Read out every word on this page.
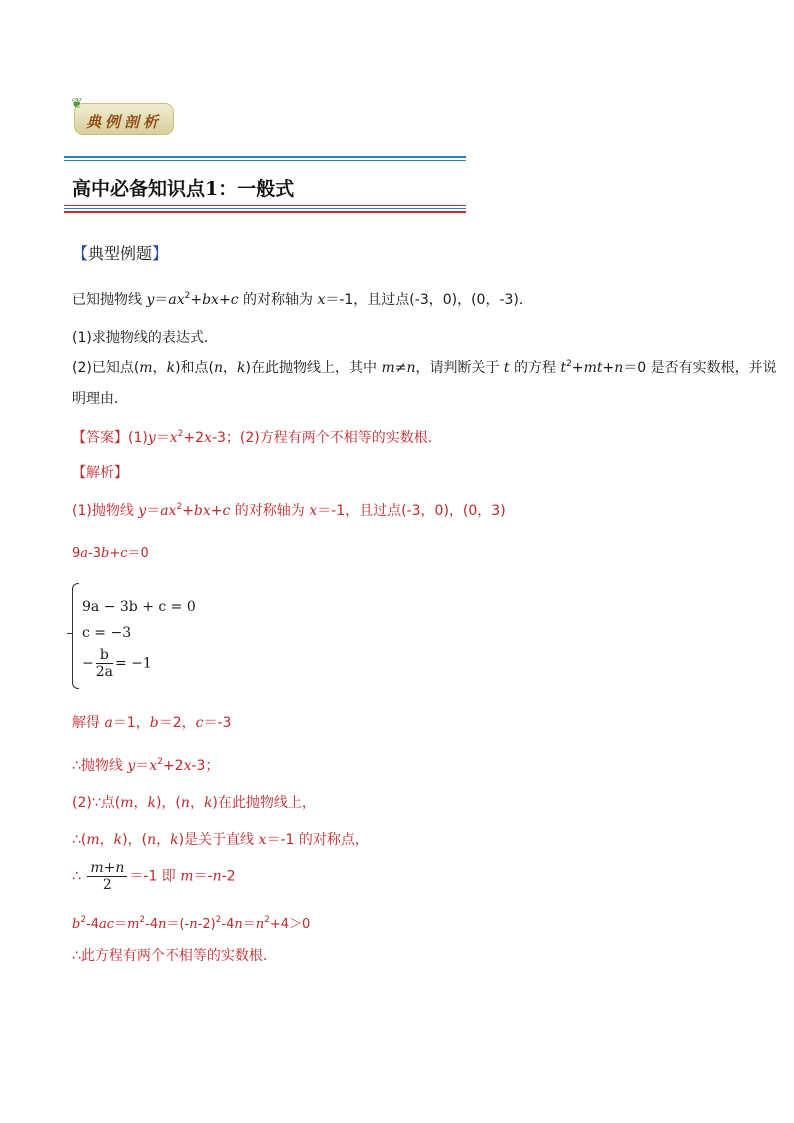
❦
典例剖析
高中必备知识点1：一般式
【典型例题】
已知抛物线 $y=ax^2+bx+c$ 的对称轴为 x＝-1，且过点(-3，0)，(0，-3)．
(1)求抛物线的表达式．
(2)已知点(m，k)和点(n，k)在此抛物线上，其中 m≠n，请判断关于 t 的方程 $t^2+mt+n=0$ 是否有实数根，并说
明理由．
【答案】$(1)y=x^2+2x-3$；(2)方程有两个不相等的实数根．
【解析】
(1)抛物线 $y=ax^2+bx+c$ 的对称轴为 x＝-1，且过点(-3，0)，(0，3)
9a-3b+c＝0
9a − 3b + c = 0
c = −3
− $\frac{b}{2a} = -1$
解得 a＝1，b＝2，c＝-3
∴抛物线 $y=x^2+2x-3$；
(2)∵点(m，k)，(n，k)在此抛物线上，
∴(m，k)，(n，k)是关于直线 x＝-1 的对称点，
∴ $\frac{m+n}{2} =-1$ 即 m＝-n-2
$b^2-4ac=m^2-4n=(-n-2)^2-4n=n^2+4>0$
∴此方程有两个不相等的实数根.
